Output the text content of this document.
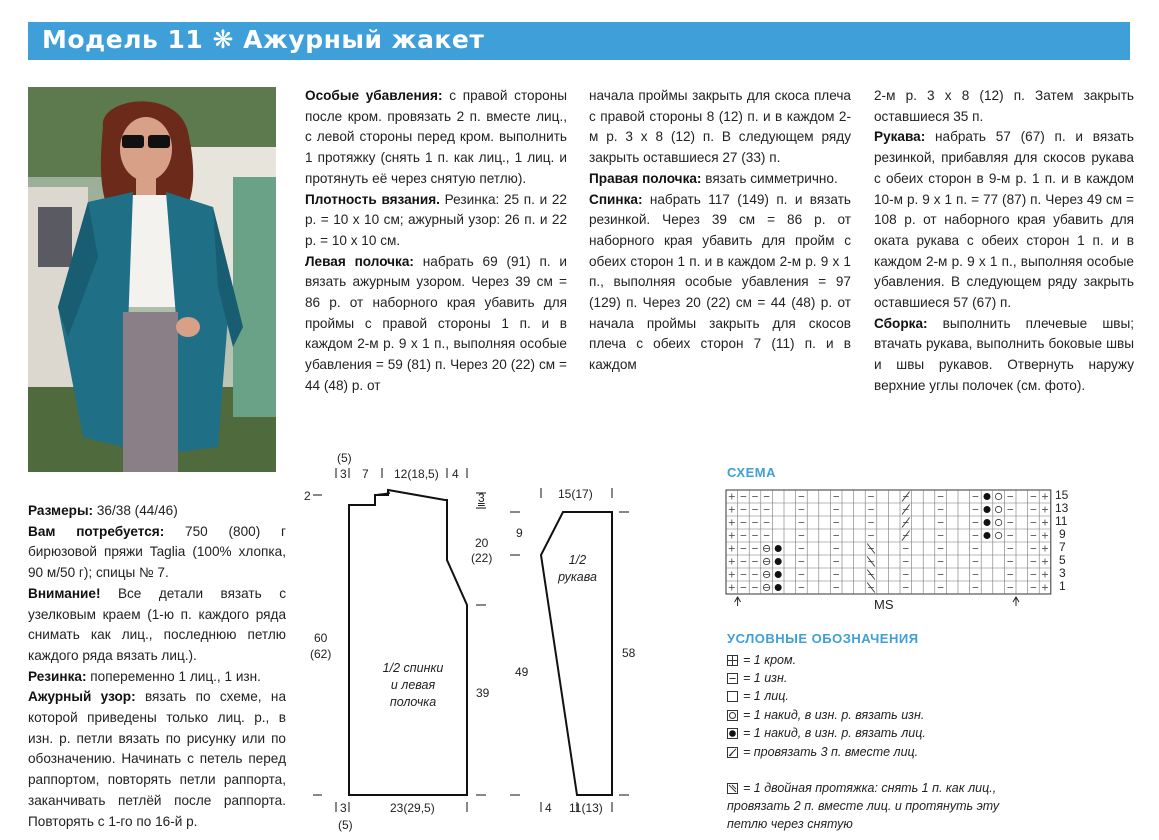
Модель 11 ❋ Ажурный жакет

Особые убавления: с правой стороны после кром. провязать 2 п. вместе лиц., с левой стороны перед кром. выполнить 1 протяжку (снять 1 п. как лиц., 1 лиц. и протянуть её через снятую петлю).

Плотность вязания. Резинка: 25 п. и 22 р. = 10 х 10 см; ажурный узор: 26 п. и 22 р. = 10 х 10 см.

Левая полочка: набрать 69 (91) п. и вязать ажурным узором. Через 39 см = 86 р. от наборного края убавить для проймы с правой стороны 1 п. и в каждом 2-м р. 9 х 1 п., выполняя особые убавления = 59 (81) п. Через 20 (22) см = 44 (48) р. от

начала проймы закрыть для скоса плеча с правой стороны 8 (12) п. и в каждом 2-м р. 3 х 8 (12) п. В следующем ряду закрыть оставшиеся 27 (33) п.

Правая полочка: вязать симметрично.

Спинка: набрать 117 (149) п. и вязать резинкой. Через 39 см = 86 р. от наборного края убавить для пройм с обеих сторон 1 п. и в каждом 2-м р. 9 х 1 п., выполняя особые убавления = 97 (129) п. Через 20 (22) см = 44 (48) р. от начала проймы закрыть для скосов плеча с обеих сторон 7 (11) п. и в каждом

2-м р. 3 х 8 (12) п. Затем закрыть оставшиеся 35 п.

Рукава: набрать 57 (67) п. и вязать резинкой, прибавляя для скосов рукава с обеих сторон в 9-м р. 1 п. и в каждом 10-м р. 9 х 1 п. = 77 (87) п. Через 49 см = 108 р. от наборного края убавить для оката рукава с обеих сторон 1 п. и в каждом 2-м р. 9 х 1 п., выполняя особые убавления. В следующем ряду закрыть оставшиеся 57 (67) п.

Сборка: выполнить плечевые швы; втачать рукава, выполнить боковые швы и швы рукавов. Отвернуть наружу верхние углы полочек (см. фото).

Размеры: 36/38 (44/46)

Вам потребуется: 750 (800) г бирюзовой пряжи Taglia (100% хлопка, 90 м/50 г); спицы № 7.

Внимание! Все детали вязать с узелковым краем (1-ю п. каждого ряда снимать как лиц., последнюю петлю каждого ряда вязать лиц.).

Резинка: попеременно 1 лиц., 1 изн.

Ажурный узор: вязать по схеме, на которой приведены только лиц. р., в изн. р. петли вязать по рисунку или по обозначению. Начинать с петель перед раппортом, повторять петли раппорта, заканчивать петлёй после раппорта. Повторять с 1-го по 16-й р.

(5)
3 7 12(18,5) 4
2	3
20
(22)
60
(62)
39
1/2 спинки
и левая
полочка
3	23(29,5)
(5)
15(17)
9
49
58
1/2
рукава
4 11(13)
СХЕМА
15
13
11
9
7
5
3
1
MS
УСЛОВНЫЕ ОБОЗНАЧЕНИЯ
= 1 кром.
= 1 изн.
= 1 лиц.
= 1 накид, в изн. р. вязать изн.
= 1 накид, в изн. р. вязать лиц.
= провязать 3 п. вместе лиц.

= 1 двойная протяжка: снять 1 п. как лиц.,
провязать 2 п. вместе лиц. и протянуть эту
петлю через снятую
